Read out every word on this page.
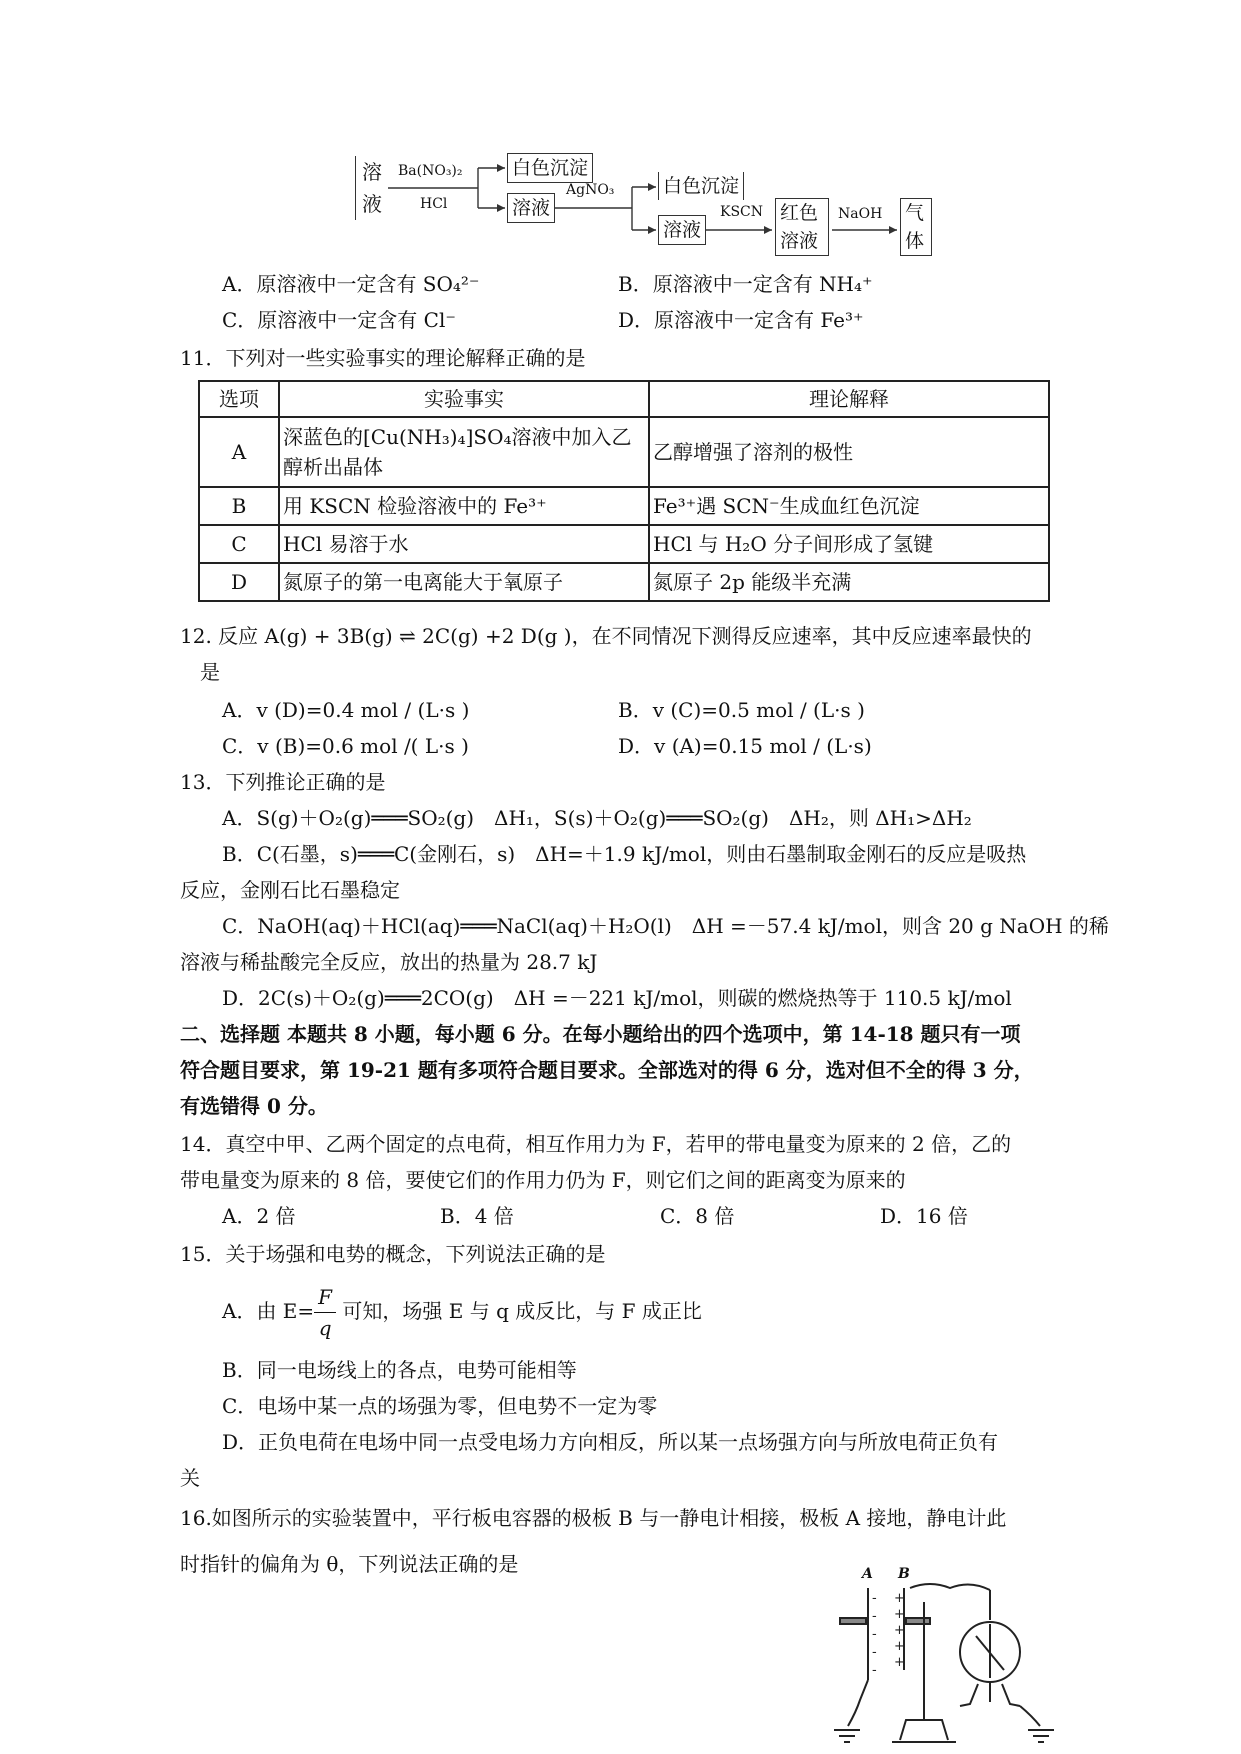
溶液
Ba(NO₃)₂
HCl
白色沉淀
溶液
AgNO₃	白色沉淀
溶液
KSCN 红色溶液
NaOH 气体
A．原溶液中一定含有 SO₄²⁻	B．原溶液中一定含有 NH₄⁺
C．原溶液中一定含有 Cl⁻	D．原溶液中一定含有 Fe³⁺
11．下列对一些实验事实的理论解释正确的是
选项	实验事实	理论解释
A	深蓝色的[Cu(NH₃)₄]SO₄溶液中加入乙醇析出晶体	乙醇增强了溶剂的极性
B	用 KSCN 检验溶液中的 Fe³⁺	Fe³⁺遇 SCN⁻生成血红色沉淀
C	HCl 易溶于水	HCl 与 H₂O 分子间形成了氢键
D	氮原子的第一电离能大于氧原子	氮原子 2p 能级半充满
12. 反应 A(g) + 3B(g) ⇌ 2C(g) +2 D(g )，在不同情况下测得反应速率，其中反应速率最快的
是
A．v (D)=0.4 mol / (L·s )	B．v (C)=0.5 mol / (L·s )
C．v (B)=0.6 mol /( L·s )	D．v (A)=0.15 mol / (L·s)
13．下列推论正确的是
A．S(g)＋O₂(g)═══SO₂(g)　ΔH₁，S(s)＋O₂(g)═══SO₂(g)　ΔH₂，则 ΔH₁>ΔH₂
B．C(石墨，s)═══C(金刚石，s)　ΔH=＋1.9 kJ/mol，则由石墨制取金刚石的反应是吸热
反应，金刚石比石墨稳定
C．NaOH(aq)＋HCl(aq)═══NaCl(aq)＋H₂O(l)　ΔH =－57.4 kJ/mol，则含 20 g NaOH 的稀
溶液与稀盐酸完全反应，放出的热量为 28.7 kJ
D．2C(s)＋O₂(g)═══2CO(g)　ΔH =－221 kJ/mol，则碳的燃烧热等于 110.5 kJ/mol
二、选择题 本题共 8 小题，每小题 6 分。在每小题给出的四个选项中，第 14-18 题只有一项
符合题目要求，第 19-21 题有多项符合题目要求。全部选对的得 6 分，选对但不全的得 3 分，
有选错得 0 分。
14．真空中甲、乙两个固定的点电荷，相互作用力为 F，若甲的带电量变为原来的 2 倍，乙的
带电量变为原来的 8 倍，要使它们的作用力仍为 F，则它们之间的距离变为原来的
A．2 倍	B．4 倍	C．8 倍	D．16 倍
15．关于场强和电势的概念，下列说法正确的是
A．由 $E= \frac{F}{q}$ 可知，场强 E 与 q 成反比，与 F 成正比
B．同一电场线上的各点，电势可能相等
C．电场中某一点的场强为零，但电势不一定为零
D．正负电荷在电场中同一点受电场力方向相反，所以某一点场强方向与所放电荷正负有
关
16.如图所示的实验装置中，平行板电容器的极板 B 与一静电计相接，极板 A 接地，静电计此
时指针的偏角为 θ，下列说法正确的是	A B
+
+
+
+
+
-
-
-
-
-
